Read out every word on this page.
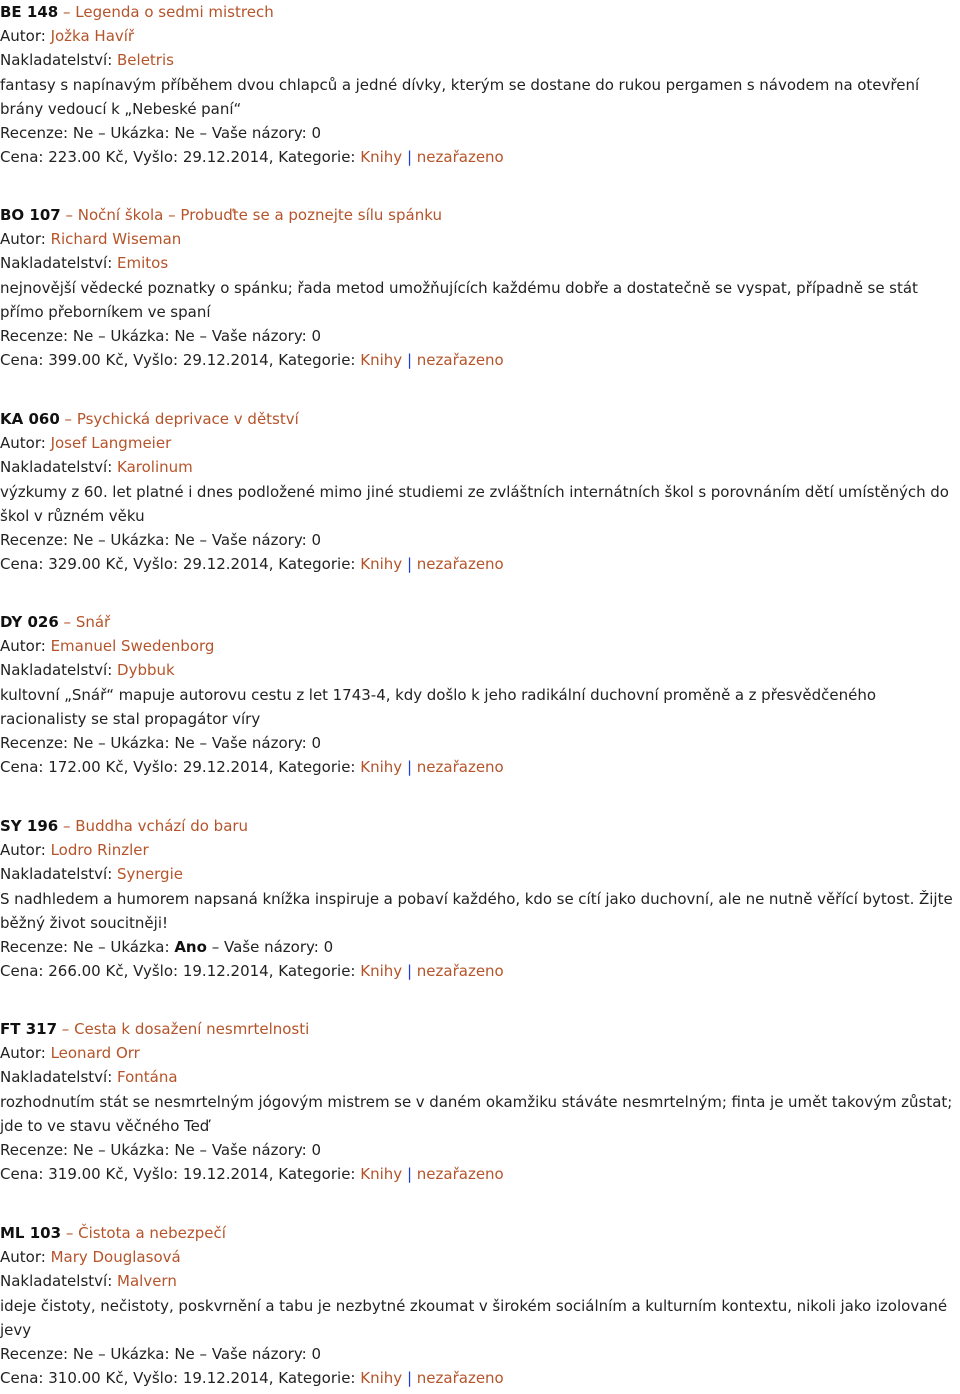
BE 148 – Legenda o sedmi mistrech
Autor: Jožka Havíř
Nakladatelství: Beletris
fantasy s napínavým příběhem dvou chlapců a jedné dívky, kterým se dostane do rukou pergamen s návodem na otevření brány vedoucí k „Nebeské paní“
Recenze: Ne – Ukázka: Ne – Vaše názory: 0
Cena: 223.00 Kč, Vyšlo: 29.12.2014, Kategorie: Knihy | nezařazeno
BO 107 – Noční škola – Probuďte se a poznejte sílu spánku
Autor: Richard Wiseman
Nakladatelství: Emitos
nejnovější vědecké poznatky o spánku; řada metod umožňujících každému dobře a dostatečně se vyspat, případně se stát přímo přeborníkem ve spaní
Recenze: Ne – Ukázka: Ne – Vaše názory: 0
Cena: 399.00 Kč, Vyšlo: 29.12.2014, Kategorie: Knihy | nezařazeno
KA 060 – Psychická deprivace v dětství
Autor: Josef Langmeier
Nakladatelství: Karolinum
výzkumy z 60. let platné i dnes podložené mimo jiné studiemi ze zvláštních internátních škol s porovnáním dětí umístěných do škol v různém věku
Recenze: Ne – Ukázka: Ne – Vaše názory: 0
Cena: 329.00 Kč, Vyšlo: 29.12.2014, Kategorie: Knihy | nezařazeno
DY 026 – Snář
Autor: Emanuel Swedenborg
Nakladatelství: Dybbuk
kultovní „Snář“ mapuje autorovu cestu z let 1743-4, kdy došlo k jeho radikální duchovní proměně a z přesvědčeného racionalisty se stal propagátor víry
Recenze: Ne – Ukázka: Ne – Vaše názory: 0
Cena: 172.00 Kč, Vyšlo: 29.12.2014, Kategorie: Knihy | nezařazeno
SY 196 – Buddha vchází do baru
Autor: Lodro Rinzler
Nakladatelství: Synergie
S nadhledem a humorem napsaná knížka inspiruje a pobaví každého, kdo se cítí jako duchovní, ale ne nutně věřící bytost. Žijte běžný život soucitněji!
Recenze: Ne – Ukázka: Ano – Vaše názory: 0
Cena: 266.00 Kč, Vyšlo: 19.12.2014, Kategorie: Knihy | nezařazeno
FT 317 – Cesta k dosažení nesmrtelnosti
Autor: Leonard Orr
Nakladatelství: Fontána
rozhodnutím stát se nesmrtelným jógovým mistrem se v daném okamžiku stáváte nesmrtelným; finta je umět takovým zůstat; jde to ve stavu věčného Teď
Recenze: Ne – Ukázka: Ne – Vaše názory: 0
Cena: 319.00 Kč, Vyšlo: 19.12.2014, Kategorie: Knihy | nezařazeno
ML 103 – Čistota a nebezpečí
Autor: Mary Douglasová
Nakladatelství: Malvern
ideje čistoty, nečistoty, poskvrnění a tabu je nezbytné zkoumat v širokém sociálním a kulturním kontextu, nikoli jako izolované jevy
Recenze: Ne – Ukázka: Ne – Vaše názory: 0
Cena: 310.00 Kč, Vyšlo: 19.12.2014, Kategorie: Knihy | nezařazeno
